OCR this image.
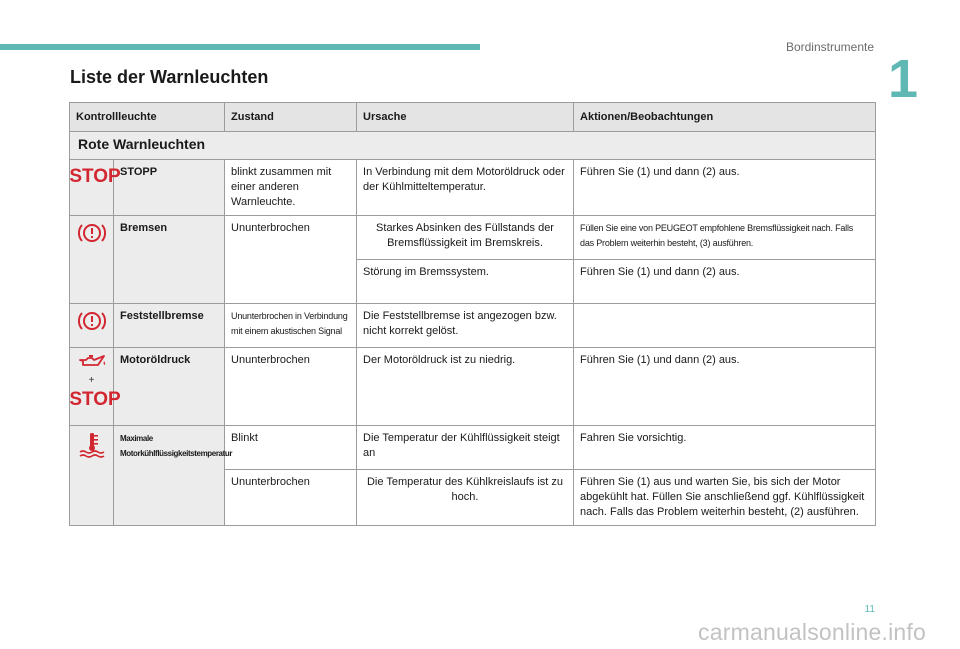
Bordinstrumente
1
Liste der Warnleuchten
Kontrollleuchte		Zustand	Ursache	Aktionen/Beobachtungen
Rote Warnleuchten				

STOP	STOPP	blinkt zusammen mit einer anderen Warnleuchte.	In Verbindung mit dem Motoröldruck oder der Kühlmitteltemperatur.	Führen Sie (1) und dann (2) aus.
	Bremsen	Ununterbrochen	Starkes Absinken des Füllstands der Bremsflüssigkeit im Bremskreis.	Füllen Sie eine von PEUGEOT empfohlene Bremsflüssigkeit nach. Falls das Problem weiterhin besteht, (3) ausführen.
			Störung im Bremssystem.	Führen Sie (1) und dann (2) aus.
	Feststellbremse	Ununterbrochen in Verbindung mit einem akustischen Signal	Die Feststellbremse ist angezogen bzw. nicht korrekt gelöst.	

+
STOP	Motoröldruck	Ununterbrochen	Der Motoröldruck ist zu niedrig.	Führen Sie (1) und dann (2) aus.
	Maximale Motorkühlflüssigkeitstemperatur	Blinkt	Die Temperatur der Kühlflüssigkeit steigt an	Fahren Sie vorsichtig.
		Ununterbrochen	Die Temperatur des Kühlkreislaufs ist zu hoch.	Führen Sie (1) aus und warten Sie, bis sich der Motor abgekühlt hat. Füllen Sie anschließend ggf. Kühlflüssigkeit nach. Falls das Problem weiterhin besteht, (2) ausführen.
11
carmanualsonline.info
